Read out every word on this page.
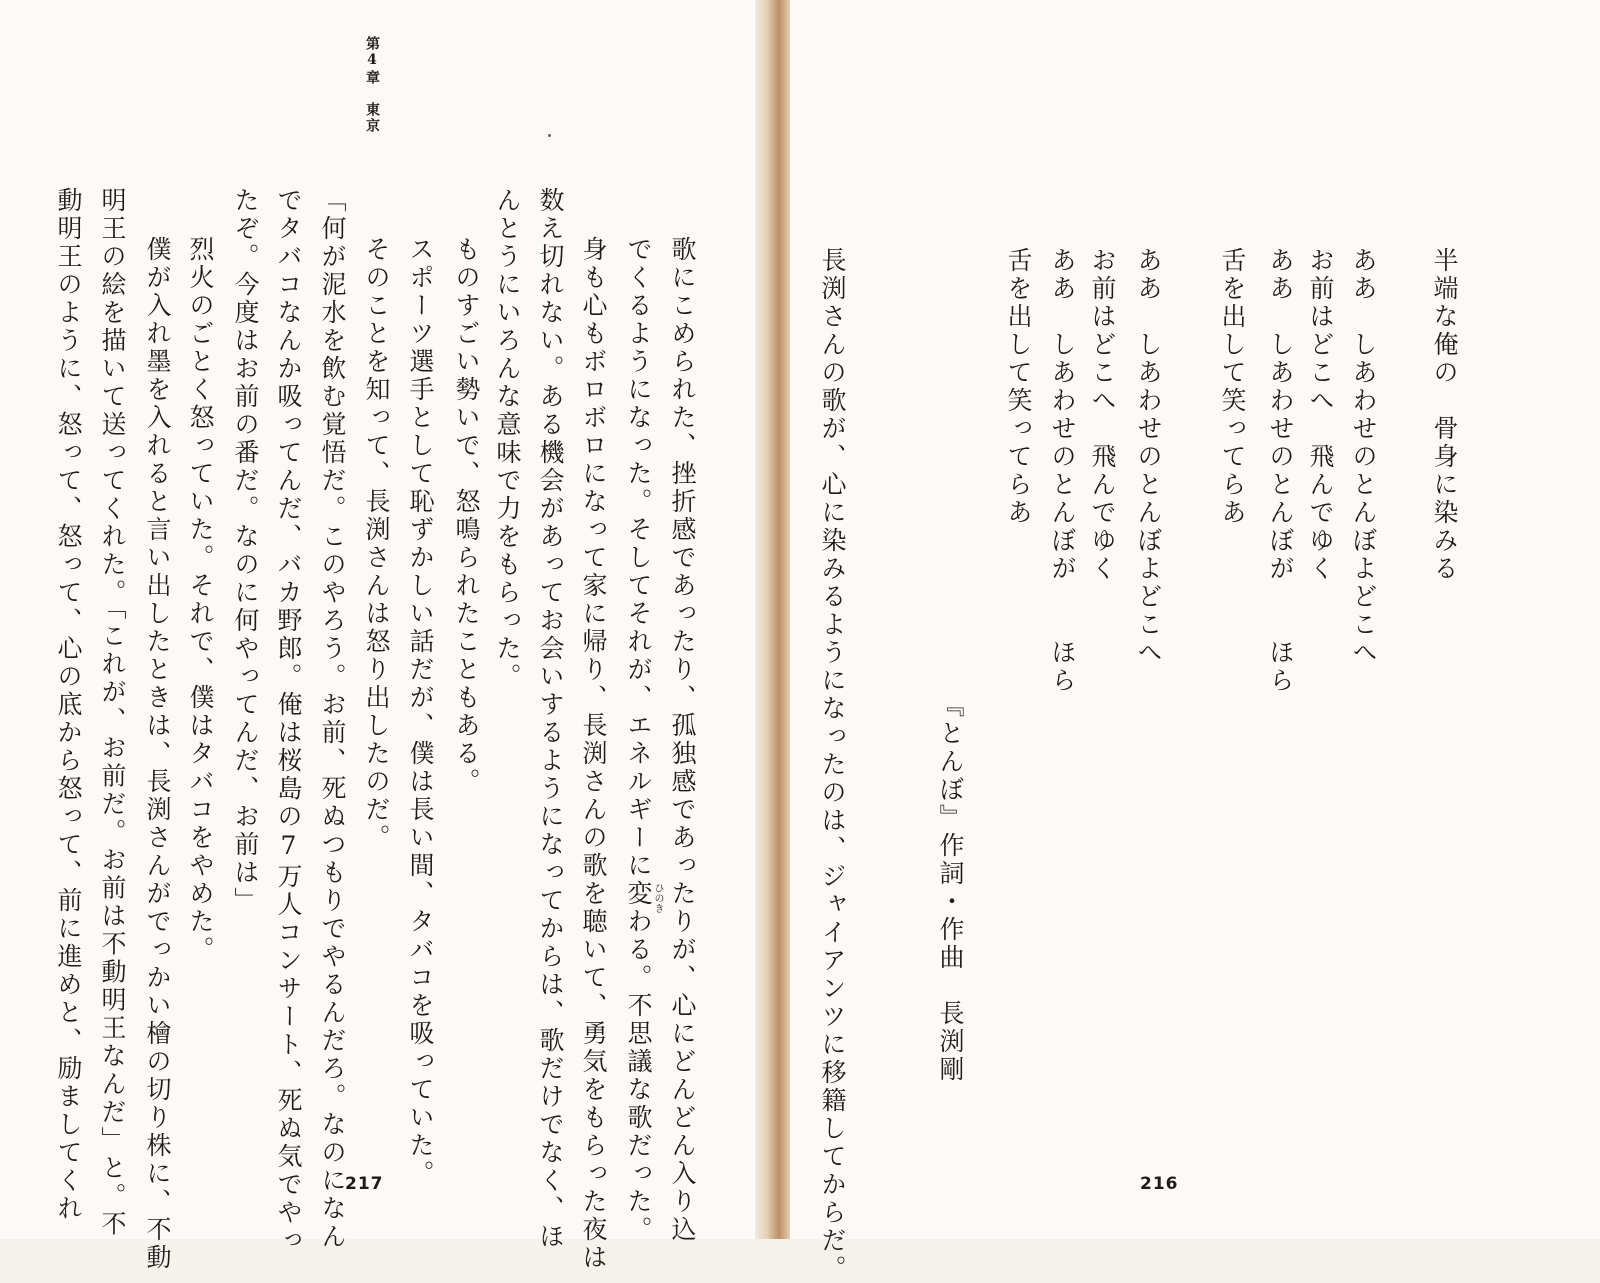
第4章　東京
歌にこめられた、挫折感であったり、孤独感であったりが、心にどんどん入り込
でくるようになった。そしてそれが、エネルギーに変わる。不思議な歌だった。
身も心もボロボロになって家に帰り、長渕さんの歌を聴いて、勇気をもらった夜は
数え切れない。ある機会があってお会いするようになってからは、歌だけでなく、ほ
んとうにいろんな意味で力をもらった。
ものすごい勢いで、怒鳴られたこともある。
スポーツ選手として恥ずかしい話だが、僕は長い間、タバコを吸っていた。
そのことを知って、長渕さんは怒り出したのだ。
「何が泥水を飲む覚悟だ。このやろう。お前、死ぬつもりでやるんだろ。なのになん
でタバコなんか吸ってんだ、バカ野郎。俺は桜島の7万人コンサート、死ぬ気でやっ
たぞ。今度はお前の番だ。なのに何やってんだ、お前は」
烈火のごとく怒っていた。それで、僕はタバコをやめた。
僕が入れ墨を入れると言い出したときは、長渕さんがでっかい檜の切り株に、不動
明王の絵を描いて送ってくれた。「これが、お前だ。お前は不動明王なんだ」と。不
動明王のように、怒って、怒って、心の底から怒って、前に進めと、励ましてくれ	217
ひのき
半端な俺の　骨身に染みる
ああ　しあわせのとんぼよどこへ
お前はどこへ　飛んでゆく
ああ　しあわせのとんぼが　　ほら
舌を出して笑ってらあ
ああ　しあわせのとんぼよどこへ
お前はどこへ　飛んでゆく
ああ　しあわせのとんぼが　　ほら
舌を出して笑ってらあ
『とんぼ』作詞・作曲　長渕剛
長渕さんの歌が、心に染みるようになったのは、ジャイアンツに移籍してからだ。	216
